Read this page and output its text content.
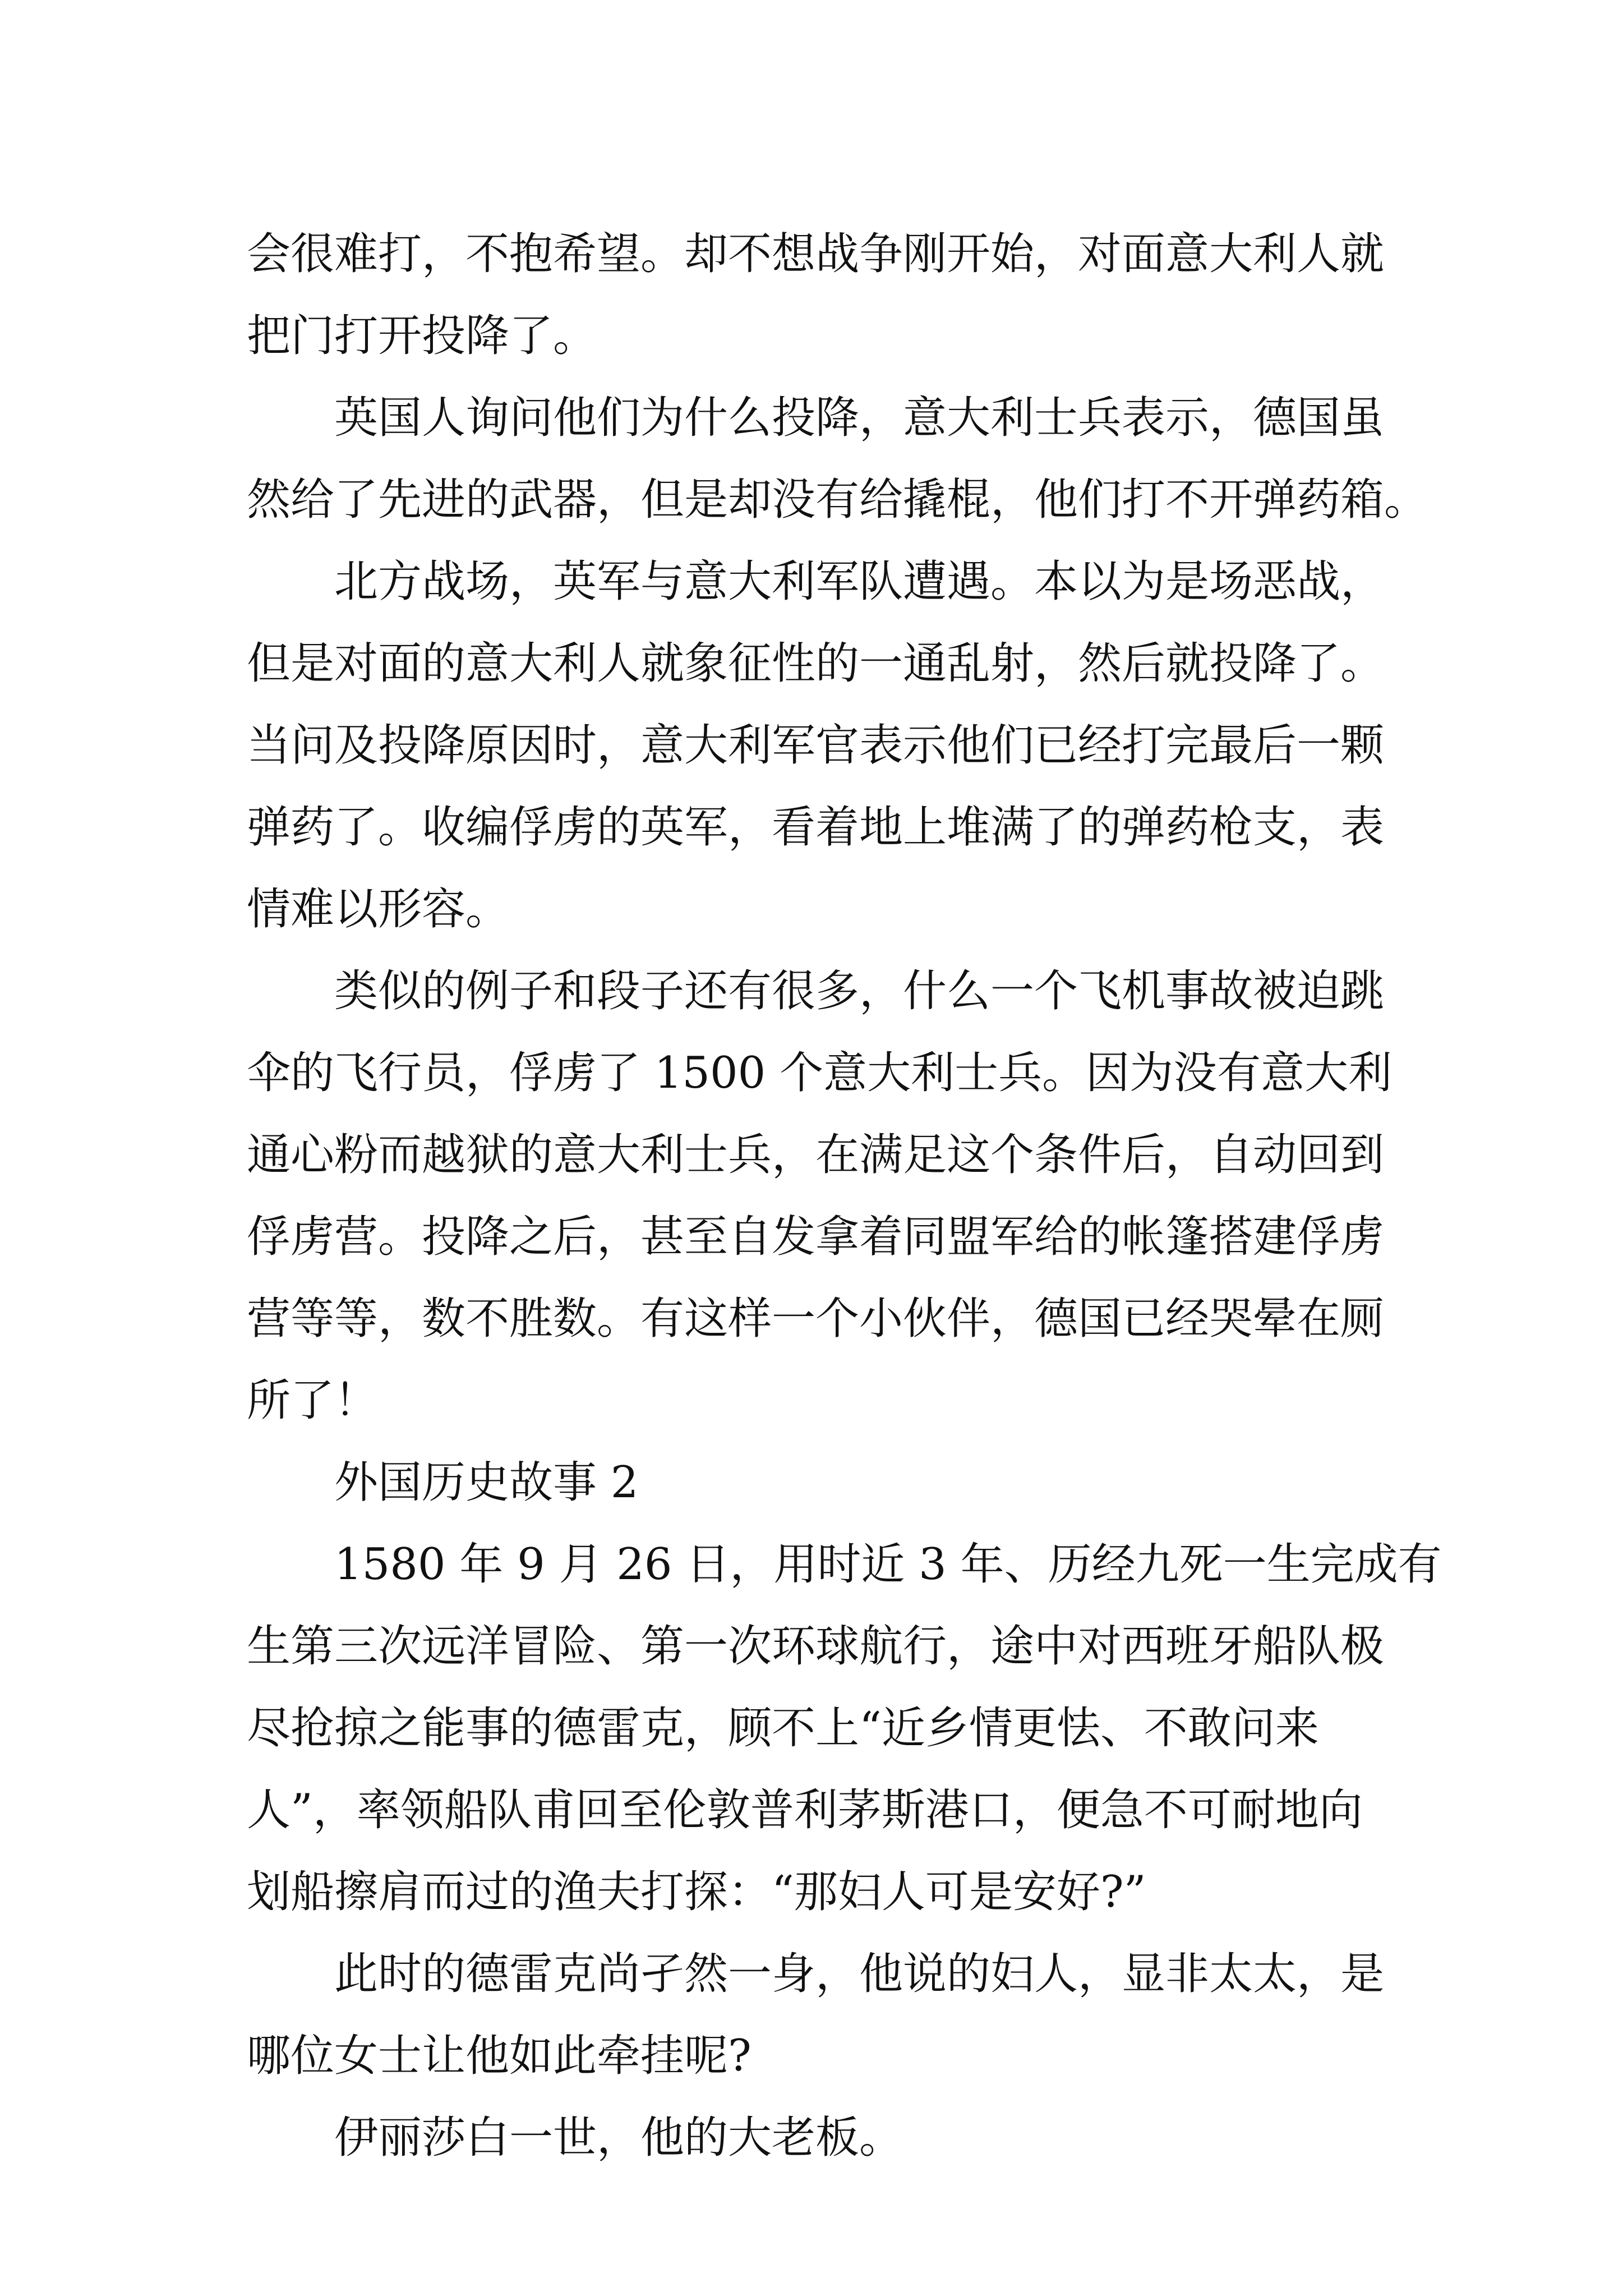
会很难打，不抱希望。却不想战争刚开始，对面意大利人就
把门打开投降了。
英国人询问他们为什么投降，意大利士兵表示，德国虽
然给了先进的武器，但是却没有给撬棍，他们打不开弹药箱。
北方战场，英军与意大利军队遭遇。本以为是场恶战，
但是对面的意大利人就象征性的一通乱射，然后就投降了。
当问及投降原因时，意大利军官表示他们已经打完最后一颗
弹药了。收编俘虏的英军，看着地上堆满了的弹药枪支，表
情难以形容。
类似的例子和段子还有很多，什么一个飞机事故被迫跳
伞的飞行员，俘虏了 1500 个意大利士兵。因为没有意大利
通心粉而越狱的意大利士兵，在满足这个条件后，自动回到
俘虏营。投降之后，甚至自发拿着同盟军给的帐篷搭建俘虏
营等等，数不胜数。有这样一个小伙伴，德国已经哭晕在厕
所了！
外国历史故事 2
1580 年 9 月 26 日，用时近 3 年、历经九死一生完成有
生第三次远洋冒险、第一次环球航行，途中对西班牙船队极
尽抢掠之能事的德雷克，顾不上“近乡情更怯、不敢问来
人”，率领船队甫回至伦敦普利茅斯港口，便急不可耐地向
划船擦肩而过的渔夫打探：“那妇人可是安好?”
此时的德雷克尚孑然一身，他说的妇人，显非太太，是
哪位女士让他如此牵挂呢?
伊丽莎白一世，他的大老板。
